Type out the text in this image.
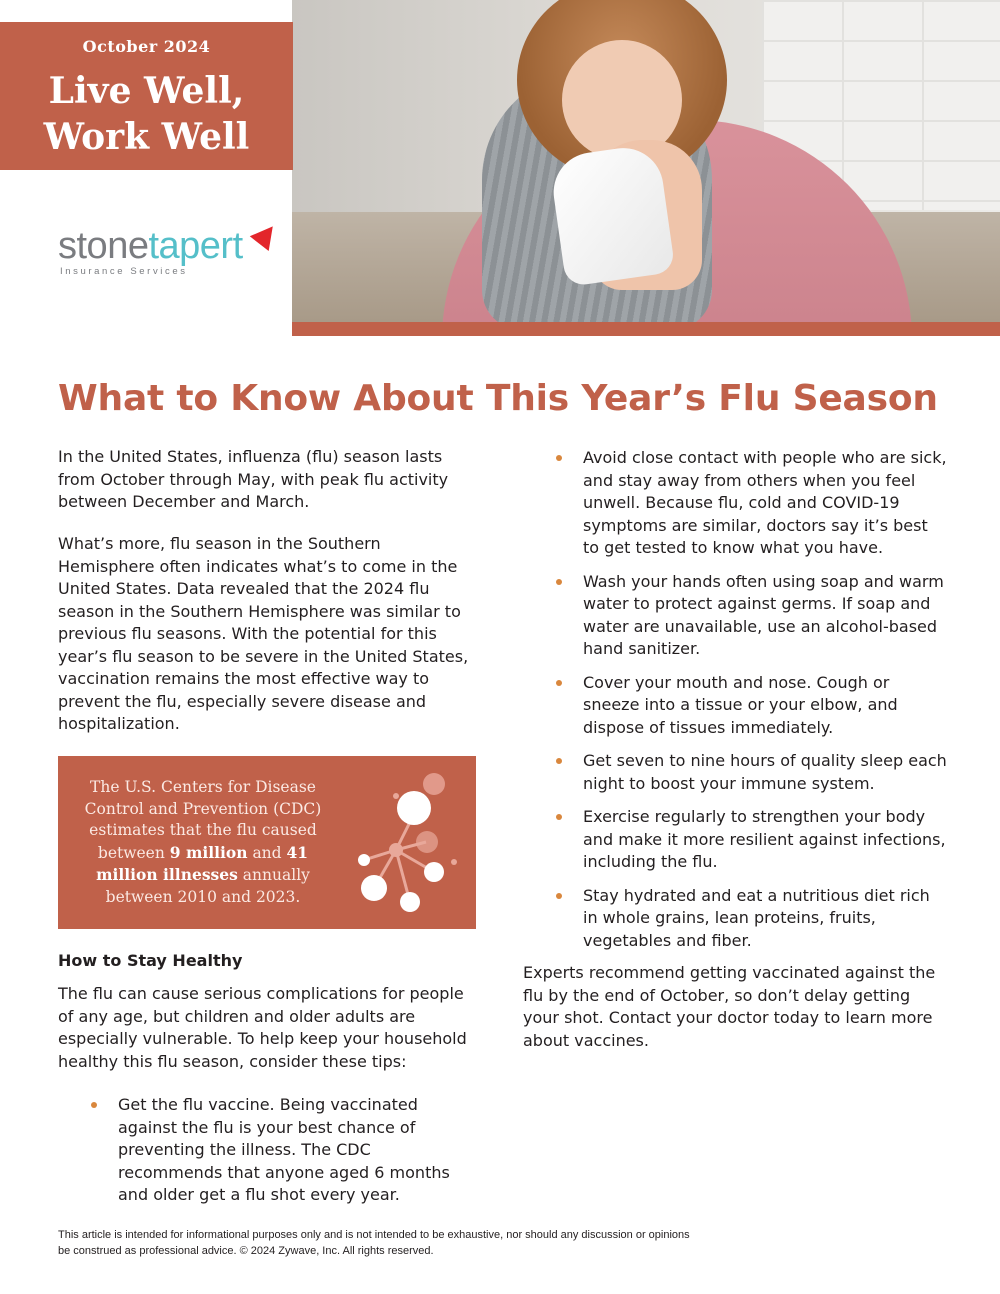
October 2024
Live Well,
Work Well
stonetapert
Insurance Services
What to Know About This Year’s Flu Season

In the United States, influenza (flu) season lasts from October through May, with peak flu activity between December and March.

What’s more, flu season in the Southern Hemisphere often indicates what’s to come in the United States. Data revealed that the 2024 flu season in the Southern Hemisphere was similar to previous flu seasons. With the potential for this year’s flu season to be severe in the United States, vaccination remains the most effective way to prevent the flu, especially severe disease and hospitalization.

The U.S. Centers for Disease Control and Prevention (CDC) estimates that the flu caused between 9 million and 41 million illnesses annually between 2010 and 2023.
How to Stay Healthy

The flu can cause serious complications for people of any age, but children and older adults are especially vulnerable. To help keep your household healthy this flu season, consider these tips:

Get the flu vaccine. Being vaccinated against the flu is your best chance of preventing the illness. The CDC recommends that anyone aged 6 months and older get a flu shot every year.
Avoid close contact with people who are sick, and stay away from others when you feel unwell. Because flu, cold and COVID-19 symptoms are similar, doctors say it’s best to get tested to know what you have.
Wash your hands often using soap and warm water to protect against germs. If soap and water are unavailable, use an alcohol-based hand sanitizer.
Cover your mouth and nose. Cough or sneeze into a tissue or your elbow, and dispose of tissues immediately.
Get seven to nine hours of quality sleep each night to boost your immune system.
Exercise regularly to strengthen your body and make it more resilient against infections, including the flu.
Stay hydrated and eat a nutritious diet rich in whole grains, lean proteins, fruits, vegetables and fiber.

Experts recommend getting vaccinated against the flu by the end of October, so don’t delay getting your shot. Contact your doctor today to learn more about vaccines.

This article is intended for informational purposes only and is not intended to be exhaustive, nor should any discussion or opinions
be construed as professional advice. © 2024 Zywave, Inc. All rights reserved.
